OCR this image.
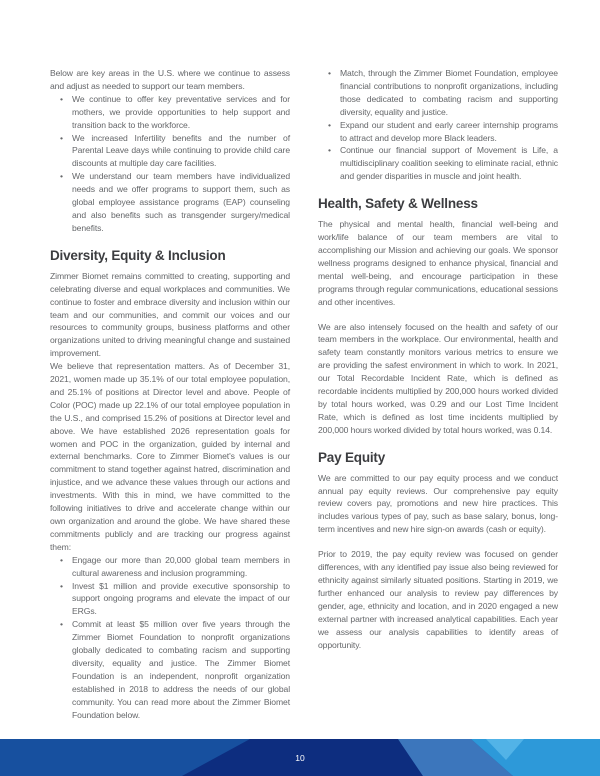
Below are key areas in the U.S. where we continue to assess and adjust as needed to support our team members.

•	We continue to offer key preventative services and for mothers, we provide opportunities to help support and transition back to the workforce.
•	We increased Infertility benefits and the number of Parental Leave days while continuing to provide child care discounts at multiple day care facilities.
•	We understand our team members have individualized needs and we offer programs to support them, such as global employee assistance programs (EAP) counseling and also benefits such as transgender surgery/medical benefits.
Diversity, Equity & Inclusion

Zimmer Biomet remains committed to creating, supporting and celebrating diverse and equal workplaces and communities. We continue to foster and embrace diversity and inclusion within our team and our communities, and commit our voices and our resources to community groups, business platforms and other organizations united to driving meaningful change and sustained improvement.

We believe that representation matters. As of December 31, 2021, women made up 35.1% of our total employee population, and 25.1% of positions at Director level and above. People of Color (POC) made up 22.1% of our total employee population in the U.S., and comprised 15.2% of positions at Director level and above. We have established 2026 representation goals for women and POC in the organization, guided by internal and external benchmarks. Core to Zimmer Biomet's values is our commitment to stand together against hatred, discrimination and injustice, and we advance these values through our actions and investments. With this in mind, we have committed to the following initiatives to drive and accelerate change within our own organization and around the globe. We have shared these commitments publicly and are tracking our progress against them:

•	Engage our more than 20,000 global team members in cultural awareness and inclusion programming.
•	Invest $1 million and provide executive sponsorship to support ongoing programs and elevate the impact of our ERGs.
•	Commit at least $5 million over five years through the Zimmer Biomet Foundation to nonprofit organizations globally dedicated to combating racism and supporting diversity, equality and justice. The Zimmer Biomet Foundation is an independent, nonprofit organization established in 2018 to address the needs of our global community. You can read more about the Zimmer Biomet Foundation below.
•	Match, through the Zimmer Biomet Foundation, employee financial contributions to nonprofit organizations, including those dedicated to combating racism and supporting diversity, equality and justice.
•	Expand our student and early career internship programs to attract and develop more Black leaders.
•	Continue our financial support of Movement is Life, a multidisciplinary coalition seeking to eliminate racial, ethnic and gender disparities in muscle and joint health.
Health, Safety & Wellness

The physical and mental health, financial well-being and work/life balance of our team members are vital to accomplishing our Mission and achieving our goals. We sponsor wellness programs designed to enhance physical, financial and mental well-being, and encourage participation in these programs through regular communications, educational sessions and other incentives.

We are also intensely focused on the health and safety of our team members in the workplace. Our environmental, health and safety team constantly monitors various metrics to ensure we are providing the safest environment in which to work. In 2021, our Total Recordable Incident Rate, which is defined as recordable incidents multiplied by 200,000 hours worked divided by total hours worked, was 0.29 and our Lost Time Incident Rate, which is defined as lost time incidents multiplied by 200,000 hours worked divided by total hours worked, was 0.14.

Pay Equity

We are committed to our pay equity process and we conduct annual pay equity reviews. Our comprehensive pay equity review covers pay, promotions and new hire practices. This includes various types of pay, such as base salary, bonus, long-term incentives and new hire sign-on awards (cash or equity).

Prior to 2019, the pay equity review was focused on gender differences, with any identified pay issue also being reviewed for ethnicity against similarly situated positions. Starting in 2019, we further enhanced our analysis to review pay differences by gender, age, ethnicity and location, and in 2020 engaged a new external partner with increased analytical capabilities. Each year we assess our analysis capabilities to identify areas of opportunity.

10
